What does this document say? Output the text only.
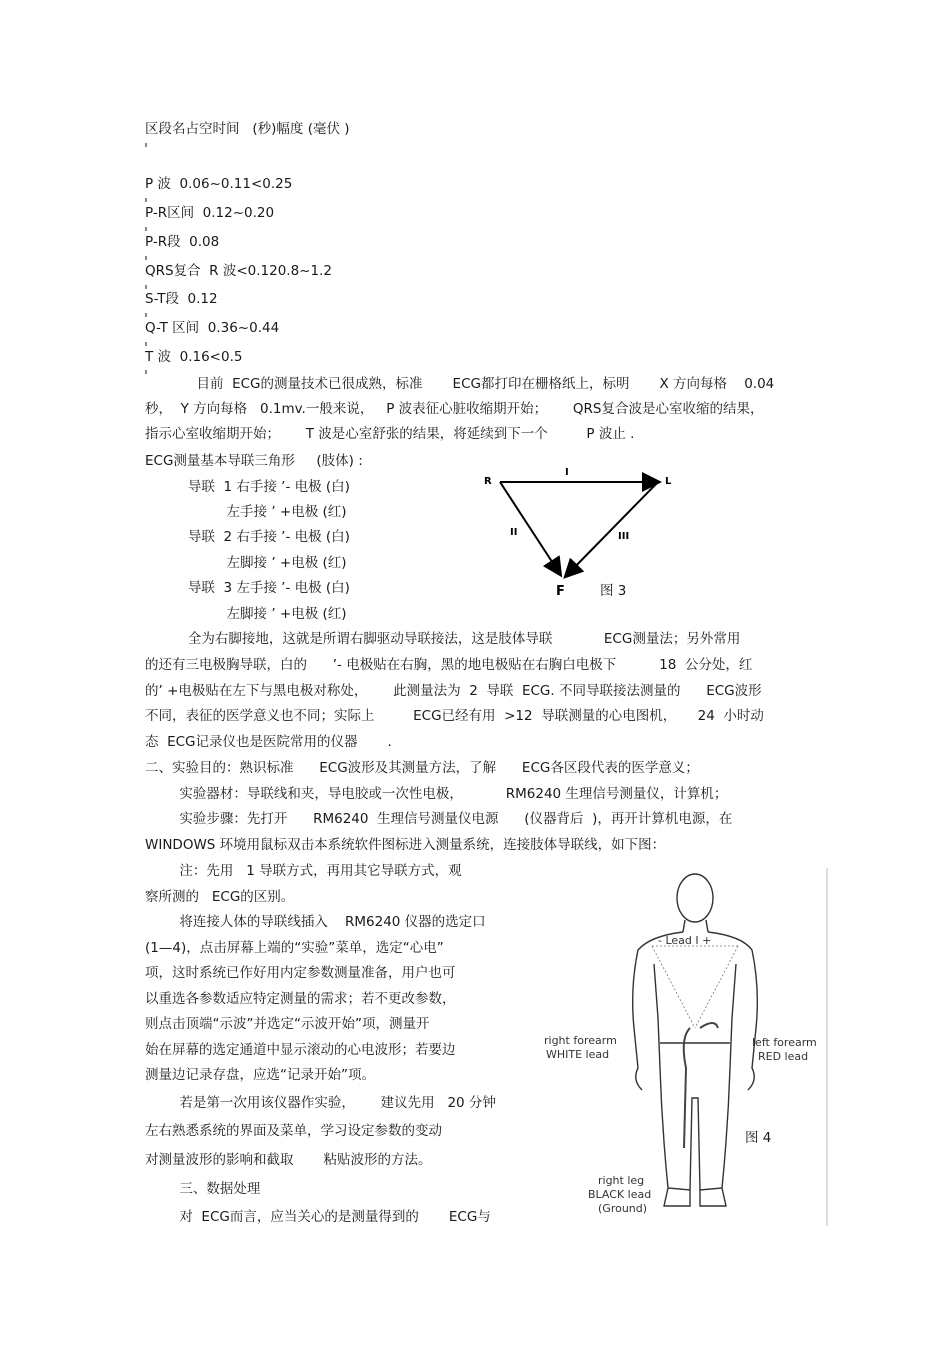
区段名占空时间   (秒)幅度 (毫伏 )
P 波  0.06~0.11<0.25
P-R区间  0.12~0.20
P-R段  0.08
QRS复合  R 波<0.120.8~1.2
S-T段  0.12
Q-T 区间  0.36~0.44
T 波  0.16<0.5
目前  ECG的测量技术已很成熟，标准       ECG都打印在栅格纸上，标明       X 方向每格    0.04
秒，  Y 方向每格   0.1mv.一般来说，   P 波表征心脏收缩期开始；      QRS复合波是心室收缩的结果，
指示心室收缩期开始；      T 波是心室舒张的结果，将延续到下一个         P 波止 .
ECG测量基本导联三角形     (肢体) :
导联  1 右手接 ’- 电极 (白)
左手接 ’ +电极 (红)
导联  2 右手接 ’- 电极 (白)
左脚接 ’ +电极 (红)
导联  3 左手接 ’- 电极 (白)
左脚接 ’ +电极 (红)
R	L
F
I
II	III
图 3
全为右脚接地，这就是所谓右脚驱动导联接法，这是肢体导联            ECG测量法；另外常用
的还有三电极胸导联，白的      ’- 电极贴在右胸，黑的地电极贴在右胸白电极下          18  公分处，红
的’ +电极贴在左下与黑电极对称处，      此测量法为  2  导联  ECG. 不同导联接法测量的      ECG波形
不同，表征的医学意义也不同；实际上         ECG已经有用  >12  导联测量的心电图机，     24  小时动
态  ECG记录仪也是医院常用的仪器       .
二、实验目的：熟识标准      ECG波形及其测量方法，了解      ECG各区段代表的医学意义；
实验器材：导联线和夹，导电胶或一次性电极，          RM6240 生理信号测量仪，计算机；
实验步骤：先打开      RM6240  生理信号测量仪电源      (仪器背后  )，再开计算机电源，在
WINDOWS 环境用鼠标双击本系统软件图标进入测量系统，连接肢体导联线，如下图：
注：先用   1 导联方式，再用其它导联方式，观
察所测的   ECG的区别。
将连接人体的导联线插入    RM6240 仪器的选定口
(1—4)，点击屏幕上端的“实验”菜单，选定“心电”
项，这时系统已作好用内定参数测量准备，用户也可
以重选各参数适应特定测量的需求；若不更改参数，
则点击顶端“示波”并选定“示波开始”项，测量开
始在屏幕的选定通道中显示滚动的心电波形；若要边
测量边记录存盘，应选“记录开始”项。
若是第一次用该仪器作实验，      建议先用   20 分钟
左右熟悉系统的界面及菜单，学习设定参数的变动
对测量波形的影响和截取       粘贴波形的方法。
三、数据处理
对  ECG而言，应当关心的是测量得到的       ECG与
- Lead I +
right forearm
WHITE lead
left forearm
RED lead
right leg
BLACK lead
(Ground)
图 4
